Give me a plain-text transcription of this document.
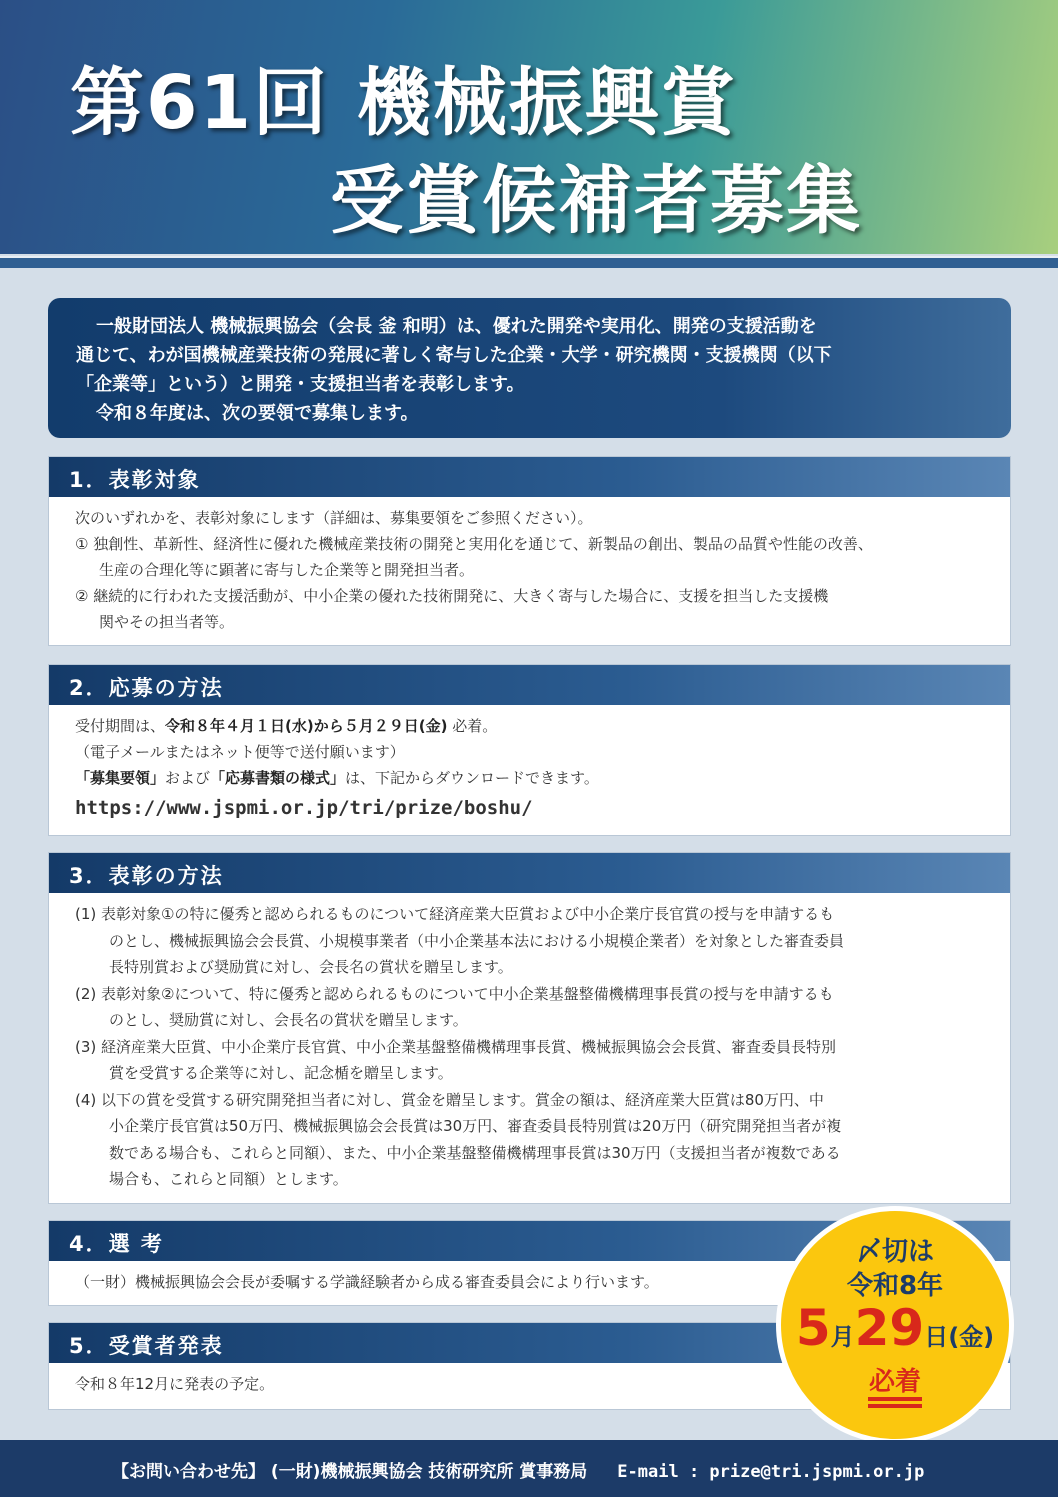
第61回 機械振興賞
受賞候補者募集

一般財団法人 機械振興協会（会長 釜 和明）は、優れた開発や実用化、開発の支援活動を

通じて、わが国機械産業技術の発展に著しく寄与した企業・大学・研究機関・支援機関（以下

「企業等」という）と開発・支援担当者を表彰します。

令和８年度は、次の要領で募集します。

1．表彰対象
次のいずれかを、表彰対象にします（詳細は、募集要領をご参照ください）。
① 独創性、革新性、経済性に優れた機械産業技術の開発と実用化を通じて、新製品の創出、製品の品質や性能の改善、
生産の合理化等に顕著に寄与した企業等と開発担当者。
② 継続的に行われた支援活動が、中小企業の優れた技術開発に、大きく寄与した場合に、支援を担当した支援機
関やその担当者等。
2．応募の方法
受付期間は、令和８年４月１日(水)から５月２９日(金) 必着。
（電子メールまたはネット便等で送付願います）
「募集要領」および「応募書類の様式」は、下記からダウンロードできます。
https://www.jspmi.or.jp/tri/prize/boshu/
3．表彰の方法
(1) 表彰対象①の特に優秀と認められるものについて経済産業大臣賞および中小企業庁長官賞の授与を申請するも
のとし、機械振興協会会長賞、小規模事業者（中小企業基本法における小規模企業者）を対象とした審査委員
長特別賞および奨励賞に対し、会長名の賞状を贈呈します。
(2) 表彰対象②について、特に優秀と認められるものについて中小企業基盤整備機構理事長賞の授与を申請するも
のとし、奨励賞に対し、会長名の賞状を贈呈します。
(3) 経済産業大臣賞、中小企業庁長官賞、中小企業基盤整備機構理事長賞、機械振興協会会長賞、審査委員長特別
賞を受賞する企業等に対し、記念楯を贈呈します。
(4) 以下の賞を受賞する研究開発担当者に対し、賞金を贈呈します。賞金の額は、経済産業大臣賞は80万円、中
小企業庁長官賞は50万円、機械振興協会会長賞は30万円、審査委員長特別賞は20万円（研究開発担当者が複
数である場合も、これらと同額）、また、中小企業基盤整備機構理事長賞は30万円（支援担当者が複数である
場合も、これらと同額）とします。
4．選 考
（一財）機械振興協会会長が委嘱する学識経験者から成る審査委員会により行います。
5．受賞者発表
令和８年12月に発表の予定。
〆切は
令和8年
5月29日(金)
必着
【お問い合わせ先】 (一財)機械振興協会 技術研究所 賞事務局 E-mail : prize@tri.jspmi.or.jp
